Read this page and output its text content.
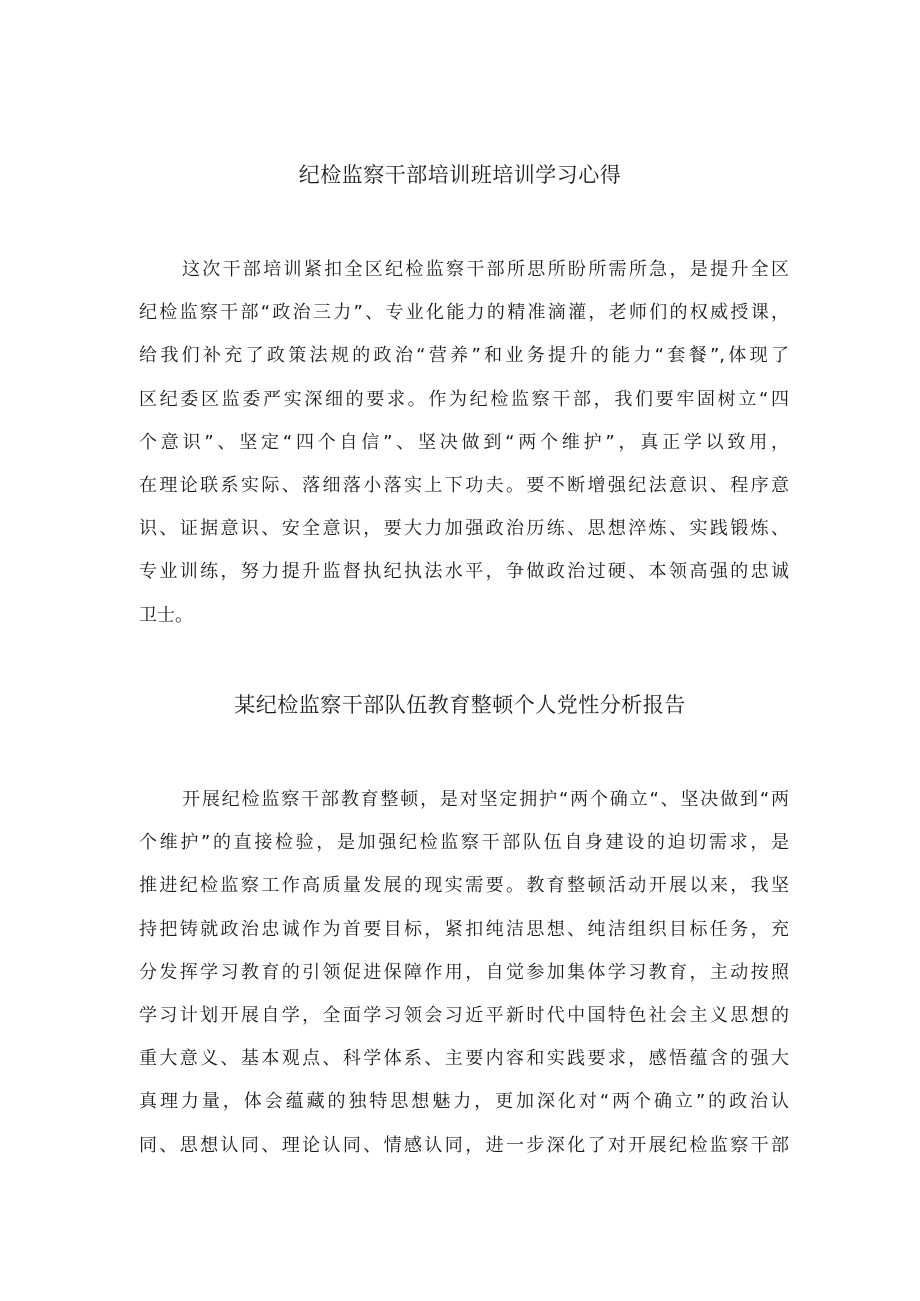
纪检监察干部培训班培训学习心得
这次干部培训紧扣全区纪检监察干部所思所盼所需所急，是提升全区
纪检监察干部“政治三力”、专业化能力的精准滴灌，老师们的权威授课，
给我们补充了政策法规的政治“营养”和业务提升的能力“套餐”,体现了
区纪委区监委严实深细的要求。作为纪检监察干部，我们要牢固树立“四
个意识”、坚定“四个自信”、坚决做到“两个维护”，真正学以致用，
在理论联系实际、落细落小落实上下功夫。要不断增强纪法意识、程序意
识、证据意识、安全意识，要大力加强政治历练、思想淬炼、实践锻炼、
专业训练，努力提升监督执纪执法水平，争做政治过硬、本领高强的忠诚
卫士。
某纪检监察干部队伍教育整顿个人党性分析报告
开展纪检监察干部教育整顿，是对坚定拥护“两个确立“、坚决做到“两
个维护”的直接检验，是加强纪检监察干部队伍自身建设的迫切需求，是
推进纪检监察工作高质量发展的现实需要。教育整顿活动开展以来，我坚
持把铸就政治忠诚作为首要目标，紧扣纯洁思想、纯洁组织目标任务，充
分发挥学习教育的引领促进保障作用，自觉参加集体学习教育，主动按照
学习计划开展自学，全面学习领会习近平新时代中国特色社会主义思想的
重大意义、基本观点、科学体系、主要内容和实践要求，感悟蕴含的强大
真理力量，体会蕴藏的独特思想魅力，更加深化对“两个确立”的政治认
同、思想认同、理论认同、情感认同，进一步深化了对开展纪检监察干部
